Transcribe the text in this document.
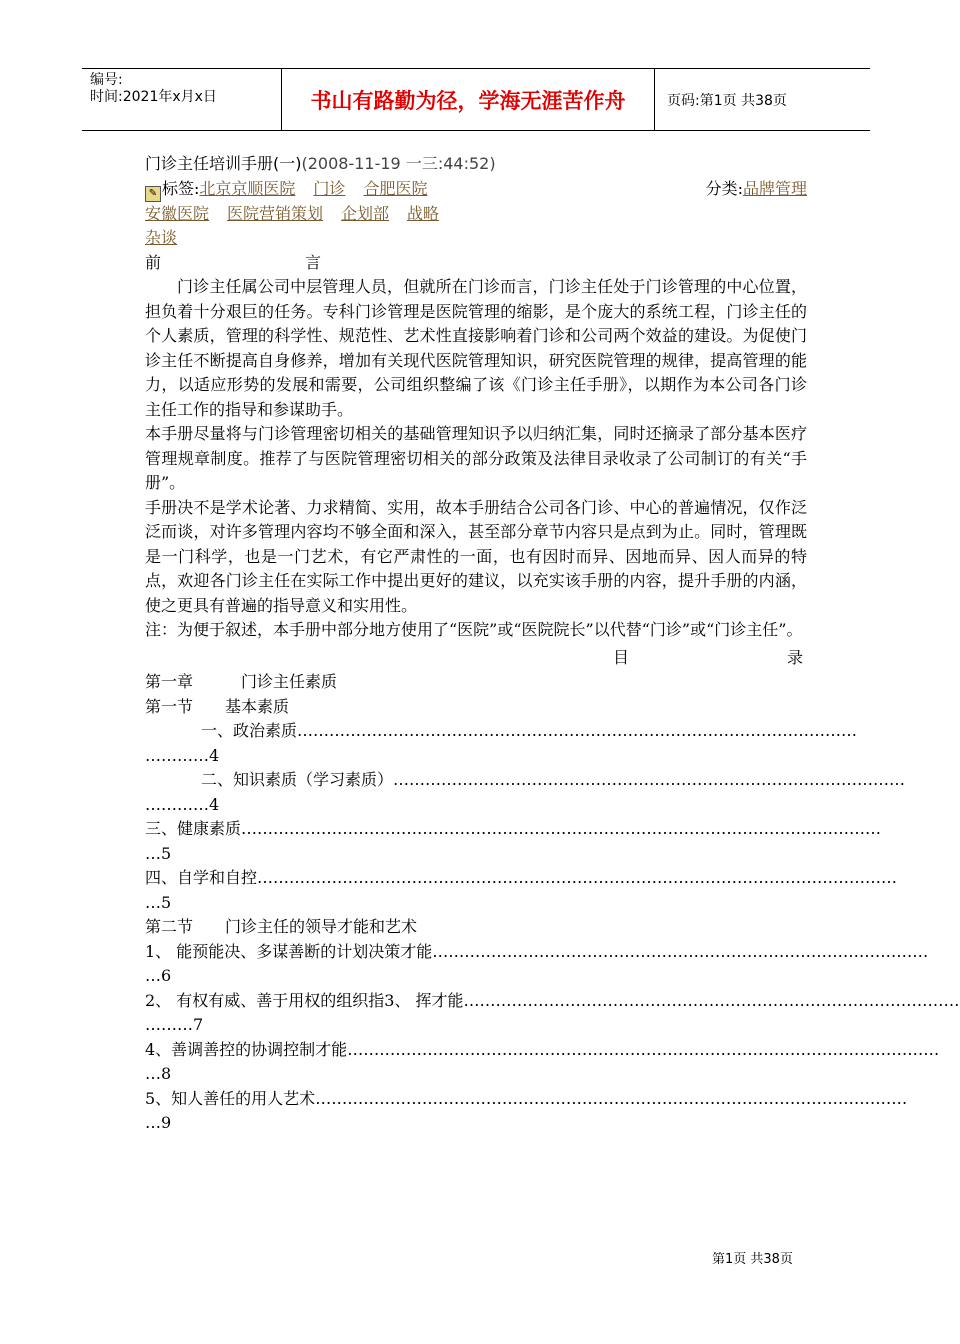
编号:
时间:2021年x月x日	书山有路勤为径，学海无涯苦作舟	页码:第1页 共38页
门诊主任培训手册(一)(2008-11-19 一三:44:52)
✎ 标签:北京京顺医院 门诊 合肥医院	分类:品牌管理
安徽医院 医院营销策划 企划部 战略
杂谈
前	言
门诊主任属公司中层管理人员，但就所在门诊而言，门诊主任处于门诊管理的中心位置，担负着十分艰巨的任务。专科门诊管理是医院管理的缩影，是个庞大的系统工程，门诊主任的个人素质，管理的科学性、规范性、艺术性直接影响着门诊和公司两个效益的建设。为促使门诊主任不断提高自身修养，增加有关现代医院管理知识，研究医院管理的规律，提高管理的能力，以适应形势的发展和需要，公司组织整编了该《门诊主任手册》，以期作为本公司各门诊主任工作的指导和参谋助手。
本手册尽量将与门诊管理密切相关的基础管理知识予以归纳汇集，同时还摘录了部分基本医疗管理规章制度。推荐了与医院管理密切相关的部分政策及法律目录收录了公司制订的有关“手册”。
手册决不是学术论著、力求精简、实用，故本手册结合公司各门诊、中心的普遍情况，仅作泛泛而谈，对许多管理内容均不够全面和深入，甚至部分章节内容只是点到为止。同时，管理既是一门科学，也是一门艺术，有它严肃性的一面，也有因时而异、因地而异、因人而异的特点，欢迎各门诊主任在实际工作中提出更好的建议，以充实该手册的内容，提升手册的内涵，使之更具有普遍的指导意义和实用性。
注：为便于叙述，本手册中部分地方使用了“医院”或“医院院长”以代替“门诊”或“门诊主任”。
目	录
第一章　　　门诊主任素质
第一节　　基本素质
一、政治素质 ……………………………………………………………………………………………
…………4
二、知识素质（学习素质） ……………………………………………………………………………………
…………4
三、健康素质 …………………………………………………………………………………………………………
…5
四、自学和自控 …………………………………………………………………………………………………………
…5
第二节　　门诊主任的领导才能和艺术
1、 能预能决、多谋善断的计划决策才能 …………………………………………………………………………………
…6
2、 有权有威、善于用权的组织指3、 挥才能 …………………………………………………………………………………
………7
4、善调善控的协调控制才能 …………………………………………………………………………………………………
…8
5、知人善任的用人艺术 …………………………………………………………………………………………………
…9
第1页 共38页
